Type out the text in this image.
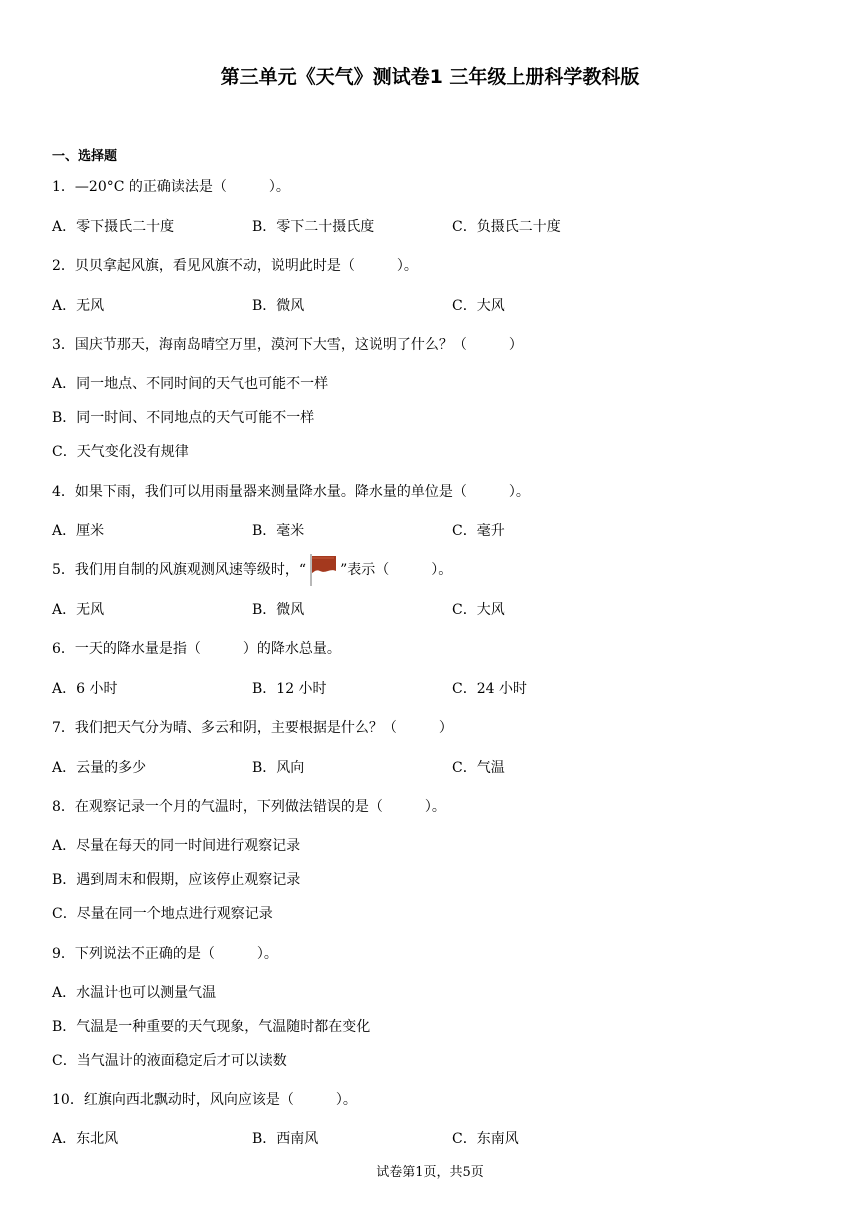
第三单元《天气》测试卷1 三年级上册科学教科版
一、选择题
1．—20°C 的正确读法是（　　　）。
A．零下摄氏二十度	B．零下二十摄氏度	C．负摄氏二十度
2．贝贝拿起风旗，看见风旗不动，说明此时是（　　　）。
A．无风	B．微风	C．大风
3．国庆节那天，海南岛晴空万里，漠河下大雪，这说明了什么？（　　　）
A．同一地点、不同时间的天气也可能不一样
B．同一时间、不同地点的天气可能不一样
C．天气变化没有规律
4．如果下雨，我们可以用雨量器来测量降水量。降水量的单位是（　　　）。
A．厘米	B．毫米	C．毫升
5．我们用自制的风旗观测风速等级时，“ ”表示（　　　）。
A．无风	B．微风	C．大风
6．一天的降水量是指（　　　）的降水总量。
A．6 小时	B．12 小时	C．24 小时
7．我们把天气分为晴、多云和阴，主要根据是什么？（　　　）
A．云量的多少	B．风向	C．气温
8．在观察记录一个月的气温时，下列做法错误的是（　　　）。
A．尽量在每天的同一时间进行观察记录
B．遇到周末和假期，应该停止观察记录
C．尽量在同一个地点进行观察记录
9．下列说法不正确的是（　　　）。
A．水温计也可以测量气温
B．气温是一种重要的天气现象，气温随时都在变化
C．当气温计的液面稳定后才可以读数
10．红旗向西北飘动时，风向应该是（　　　）。
A．东北风	B．西南风	C．东南风
试卷第1页，共5页
